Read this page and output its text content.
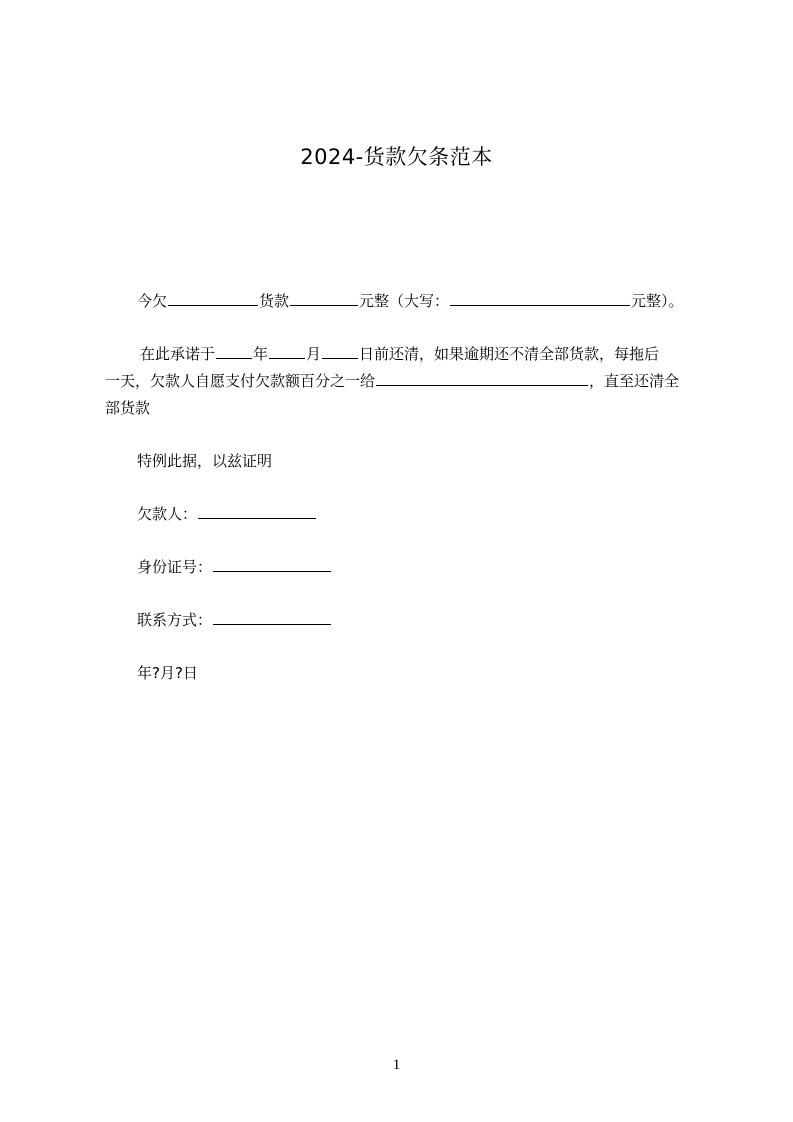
2024-货款欠条范本
今欠	货款	元整（大写：	元整）。
在此承诺于	年	月	日前还清，如果逾期还不清全部货款，每拖后
一天，欠款人自愿支付欠款额百分之一给	，直至还清全
部货款
特例此据，以兹证明
欠款人：
身份证号：
联系方式：
年?月?日
1
